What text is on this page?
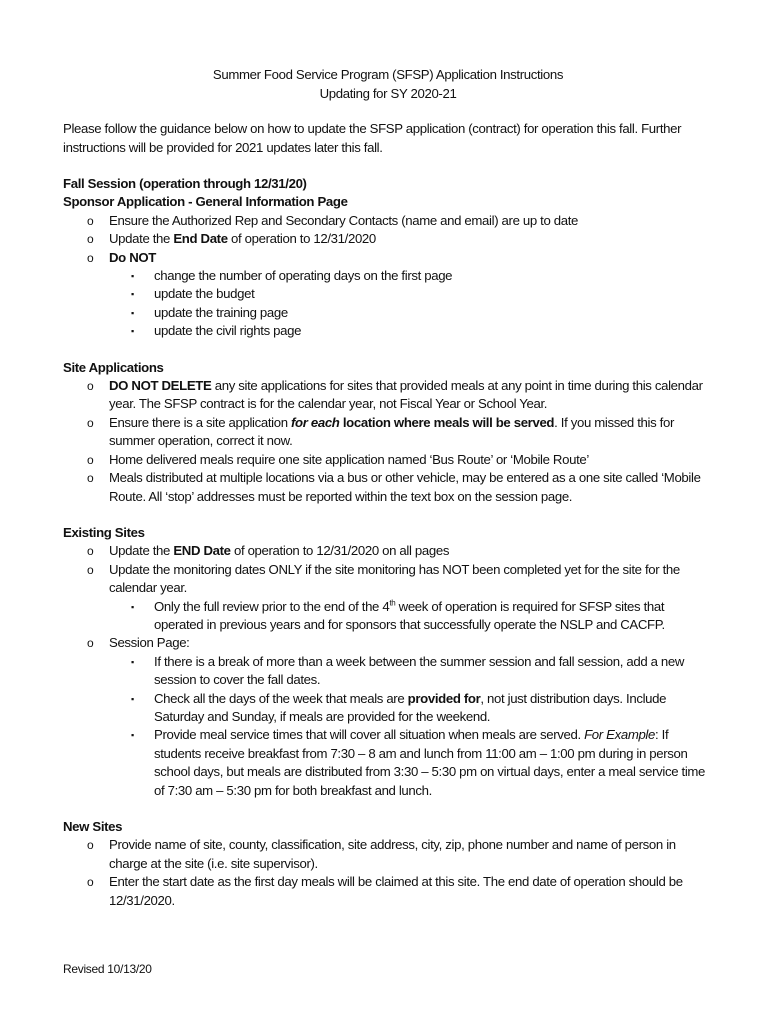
Summer Food Service Program (SFSP) Application Instructions
Updating for SY 2020-21

Please follow the guidance below on how to update the SFSP application (contract) for operation this fall. Further instructions will be provided for 2021 updates later this fall.

Fall Session (operation through 12/31/20)
Sponsor Application - General Information Page
o Ensure the Authorized Rep and Secondary Contacts (name and email) are up to date
o Update the End Date of operation to 12/31/2020
o Do NOT
▪ change the number of operating days on the first page
▪ update the budget
▪ update the training page
▪ update the civil rights page
Site Applications
o DO NOT DELETE any site applications for sites that provided meals at any point in time during this calendar year. The SFSP contract is for the calendar year, not Fiscal Year or School Year.
o Ensure there is a site application for each location where meals will be served. If you missed this for summer operation, correct it now.
o Home delivered meals require one site application named ‘Bus Route’ or ‘Mobile Route’
o Meals distributed at multiple locations via a bus or other vehicle, may be entered as a one site called ‘Mobile Route. All ‘stop’ addresses must be reported within the text box on the session page.
Existing Sites
o Update the END Date of operation to 12/31/2020 on all pages
o Update the monitoring dates ONLY if the site monitoring has NOT been completed yet for the site for the calendar year.
▪ Only the full review prior to the end of the 4th week of operation is required for SFSP sites that operated in previous years and for sponsors that successfully operate the NSLP and CACFP.
o Session Page:
▪ If there is a break of more than a week between the summer session and fall session, add a new session to cover the fall dates.
▪ Check all the days of the week that meals are provided for, not just distribution days. Include Saturday and Sunday, if meals are provided for the weekend.
▪ Provide meal service times that will cover all situation when meals are served. For Example: If students receive breakfast from 7:30 – 8 am and lunch from 11:00 am – 1:00 pm during in person school days, but meals are distributed from 3:30 – 5:30 pm on virtual days, enter a meal service time of 7:30 am – 5:30 pm for both breakfast and lunch.
New Sites
o Provide name of site, county, classification, site address, city, zip, phone number and name of person in charge at the site (i.e. site supervisor).
o Enter the start date as the first day meals will be claimed at this site. The end date of operation should be 12/31/2020.
Revised 10/13/20
